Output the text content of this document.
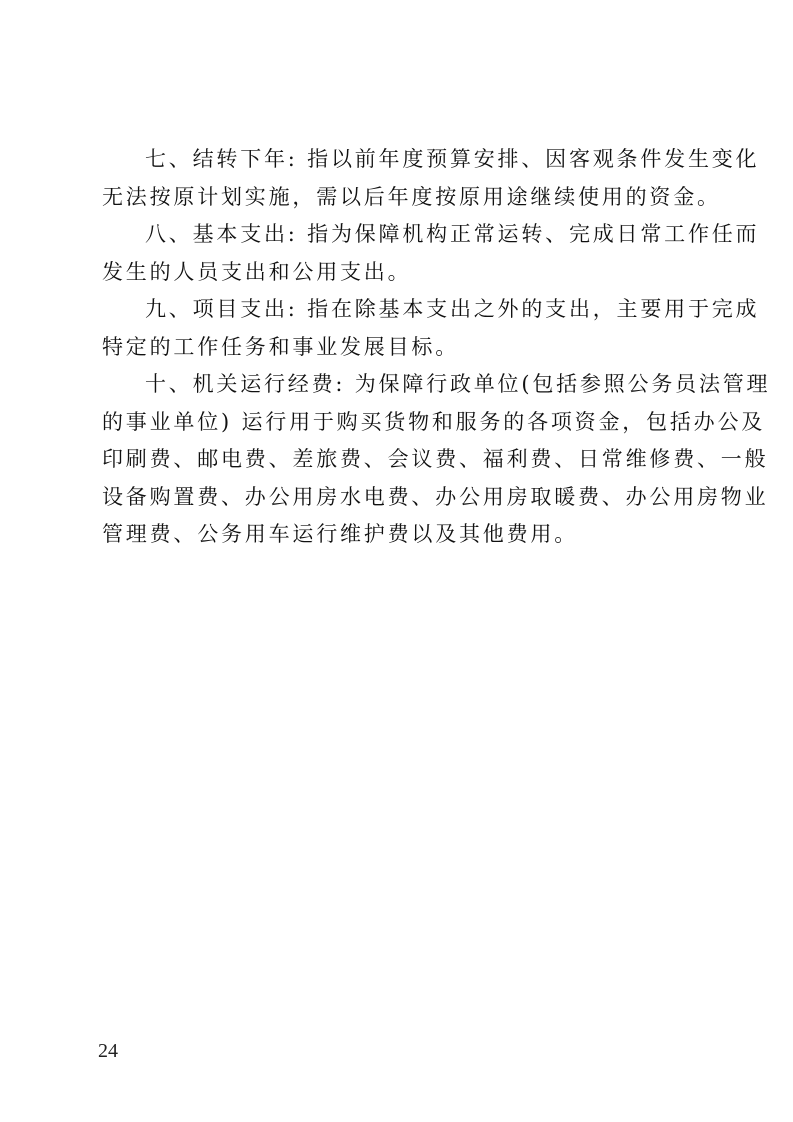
七、结转下年: 指以前年度预算安排、因客观条件发生变化
无法按原计划实施，需以后年度按原用途继续使用的资金。

八、基本支出: 指为保障机构正常运转、完成日常工作任而
发生的人员支出和公用支出。

九、项目支出: 指在除基本支出之外的支出，主要用于完成
特定的工作任务和事业发展目标。

十、机关运行经费: 为保障行政单位(包括参照公务员法管理
的事业单位) 运行用于购买货物和服务的各项资金，包括办公及
印刷费、邮电费、差旅费、会议费、福利费、日常维修费、一般
设备购置费、办公用房水电费、办公用房取暖费、办公用房物业
管理费、公务用车运行维护费以及其他费用。

24
